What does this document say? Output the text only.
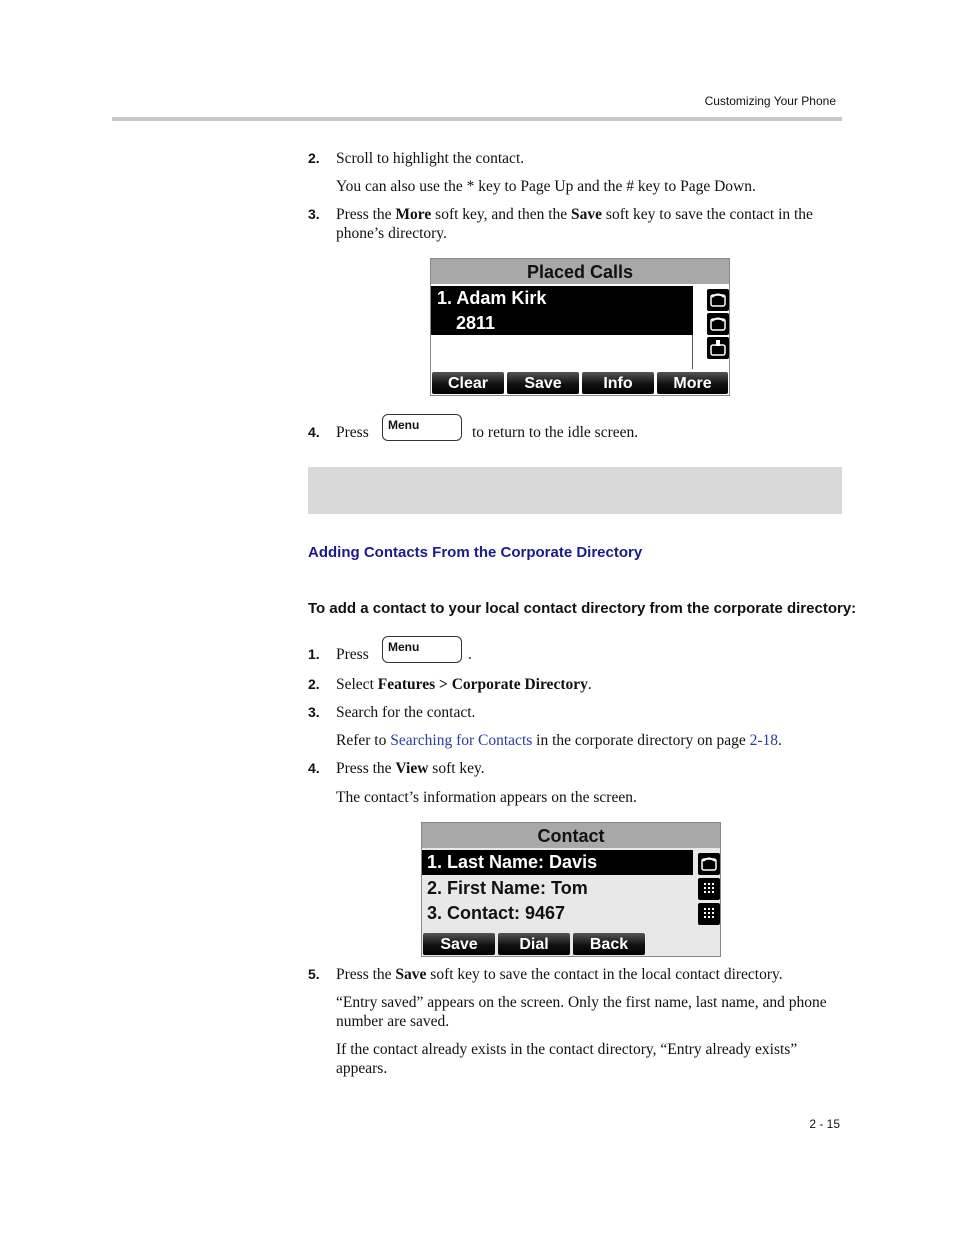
Customizing Your Phone
2. Scroll to highlight the contact.
You can also use the * key to Page Up and the # key to Page Down.
3. Press the More soft key, and then the Save soft key to save the contact in the phone’s directory.
Placed Calls
1. Adam Kirk
2811
Clear	Save	Info	More
4. Press	to return to the idle screen.
Menu
Adding Contacts From the Corporate Directory
To add a contact to your local contact directory from the corporate directory:
1. Press	.
Menu
2. Select Features > Corporate Directory.
3. Search for the contact.
Refer to Searching for Contacts in the corporate directory on page 2-18.
4. Press the View soft key.
The contact’s information appears on the screen.
Contact
1. Last Name: Davis
2. First Name: Tom
3. Contact: 9467
Save	Dial	Back
5. Press the Save soft key to save the contact in the local contact directory.
“Entry saved” appears on the screen. Only the first name, last name, and phone number are saved.
If the contact already exists in the contact directory, “Entry already exists” appears.
2 - 15
